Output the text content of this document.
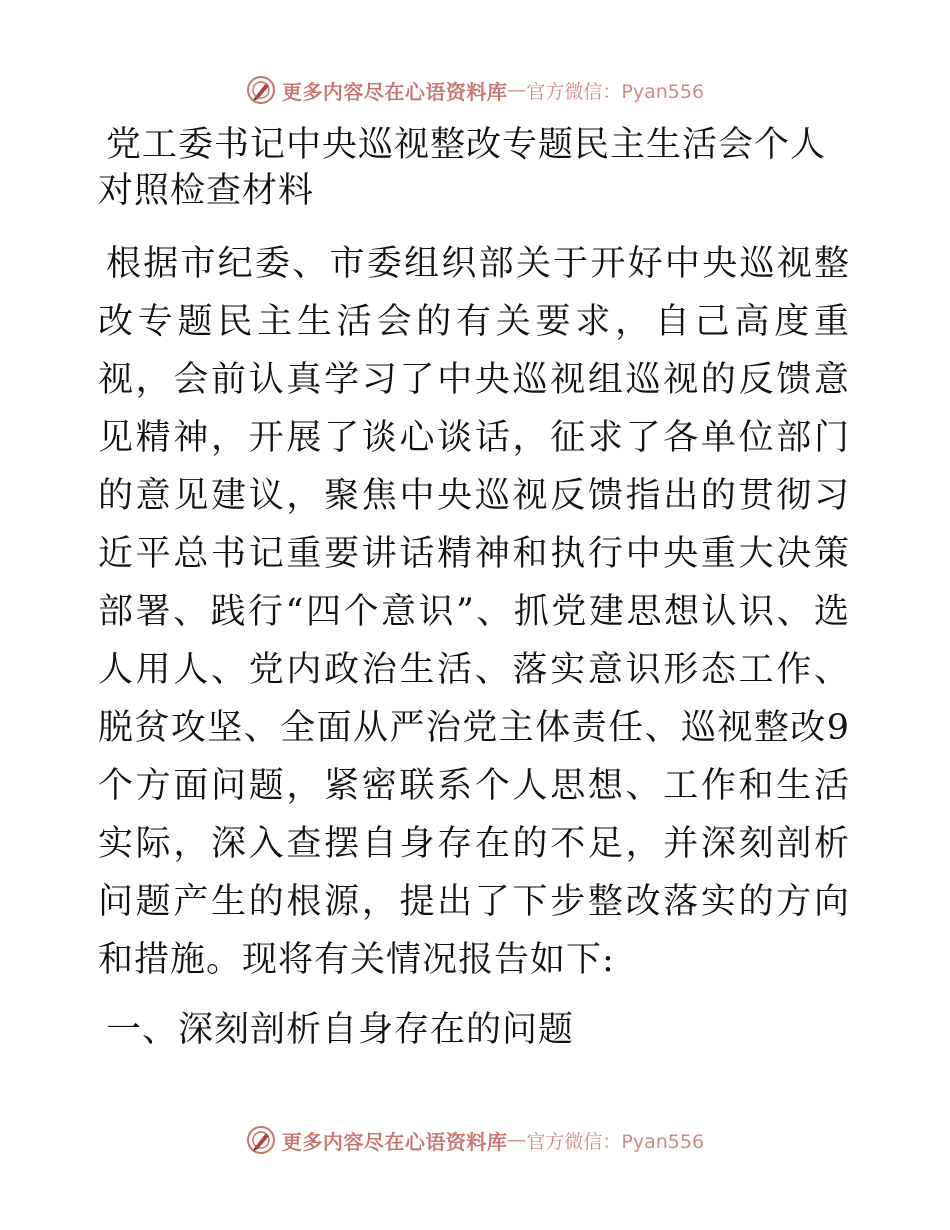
更多内容尽在心语资料库 — 官方微信：Pyan556
党工委书记中央巡视整改专题民主生活会个人对照检查材料

根据市纪委、市委组织部关于开好中央巡视整改专题民主生活会的有关要求，自己高度重视，会前认真学习了中央巡视组巡视的反馈意见精神，开展了谈心谈话，征求了各单位部门的意见建议，聚焦中央巡视反馈指出的贯彻习近平总书记重要讲话精神和执行中央重大决策部署、践行“四个意识”、抓党建思想认识、选人用人、党内政治生活、落实意识形态工作、脱贫攻坚、全面从严治党主体责任、巡视整改9个方面问题，紧密联系个人思想、工作和生活实际，深入查摆自身存在的不足，并深刻剖析问题产生的根源，提出了下步整改落实的方向和措施。现将有关情况报告如下:

一、深刻剖析自身存在的问题

更多内容尽在心语资料库 — 官方微信：Pyan556
